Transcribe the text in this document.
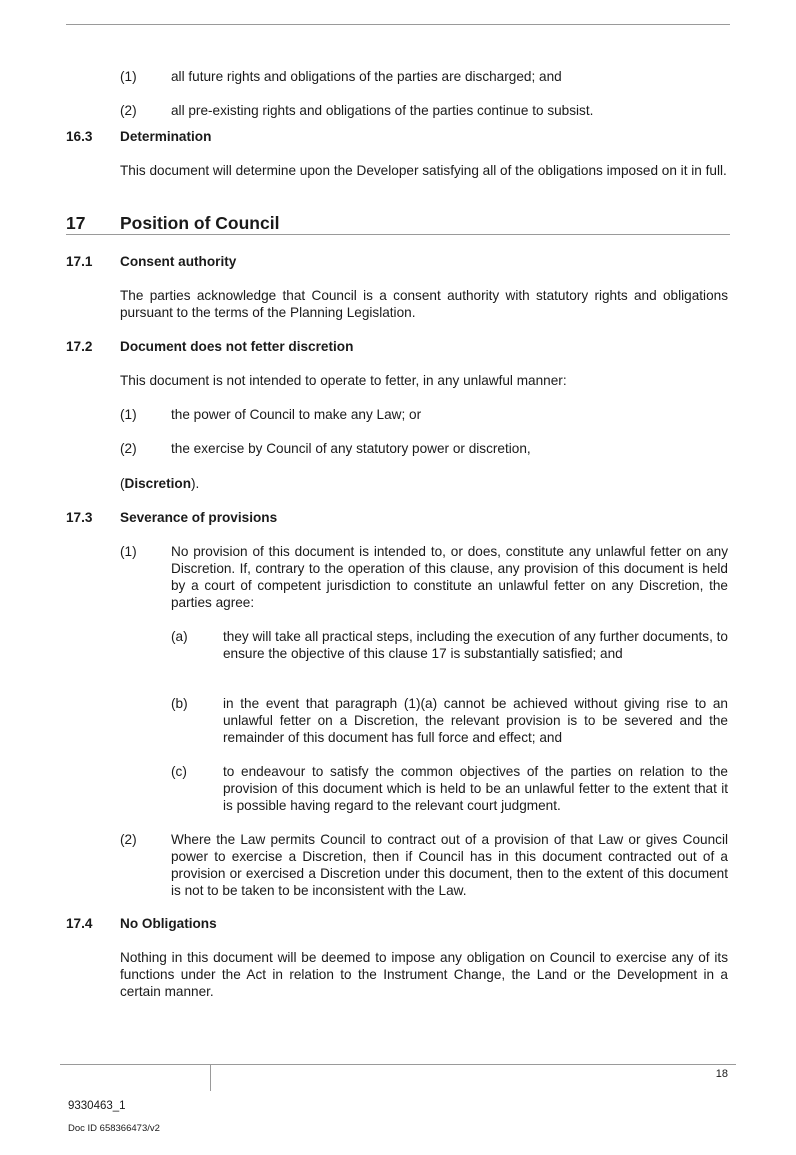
(1)	all future rights and obligations of the parties are discharged; and
(2)	all pre-existing rights and obligations of the parties continue to subsist.
16.3 Determination
This document will determine upon the Developer satisfying all of the obligations imposed on it in full.
17 Position of Council
17.1 Consent authority
The parties acknowledge that Council is a consent authority with statutory rights and obligations pursuant to the terms of the Planning Legislation.
17.2 Document does not fetter discretion
This document is not intended to operate to fetter, in any unlawful manner:
(1)	the power of Council to make any Law; or
(2)	the exercise by Council of any statutory power or discretion,
(Discretion).
17.3 Severance of provisions
(1)	No provision of this document is intended to, or does, constitute any unlawful fetter on any Discretion. If, contrary to the operation of this clause, any provision of this document is held by a court of competent jurisdiction to constitute an unlawful fetter on any Discretion, the parties agree:
(a)	they will take all practical steps, including the execution of any further documents, to ensure the objective of this clause 17 is substantially satisfied; and
(b)	in the event that paragraph (1)(a) cannot be achieved without giving rise to an unlawful fetter on a Discretion, the relevant provision is to be severed and the remainder of this document has full force and effect; and
(c)	to endeavour to satisfy the common objectives of the parties on relation to the provision of this document which is held to be an unlawful fetter to the extent that it is possible having regard to the relevant court judgment.
(2)	Where the Law permits Council to contract out of a provision of that Law or gives Council power to exercise a Discretion, then if Council has in this document contracted out of a provision or exercised a Discretion under this document, then to the extent of this document is not to be taken to be inconsistent with the Law.
17.4 No Obligations
Nothing in this document will be deemed to impose any obligation on Council to exercise any of its functions under the Act in relation to the Instrument Change, the Land or the Development in a certain manner.
18
9330463_1
Doc ID 658366473/v2
